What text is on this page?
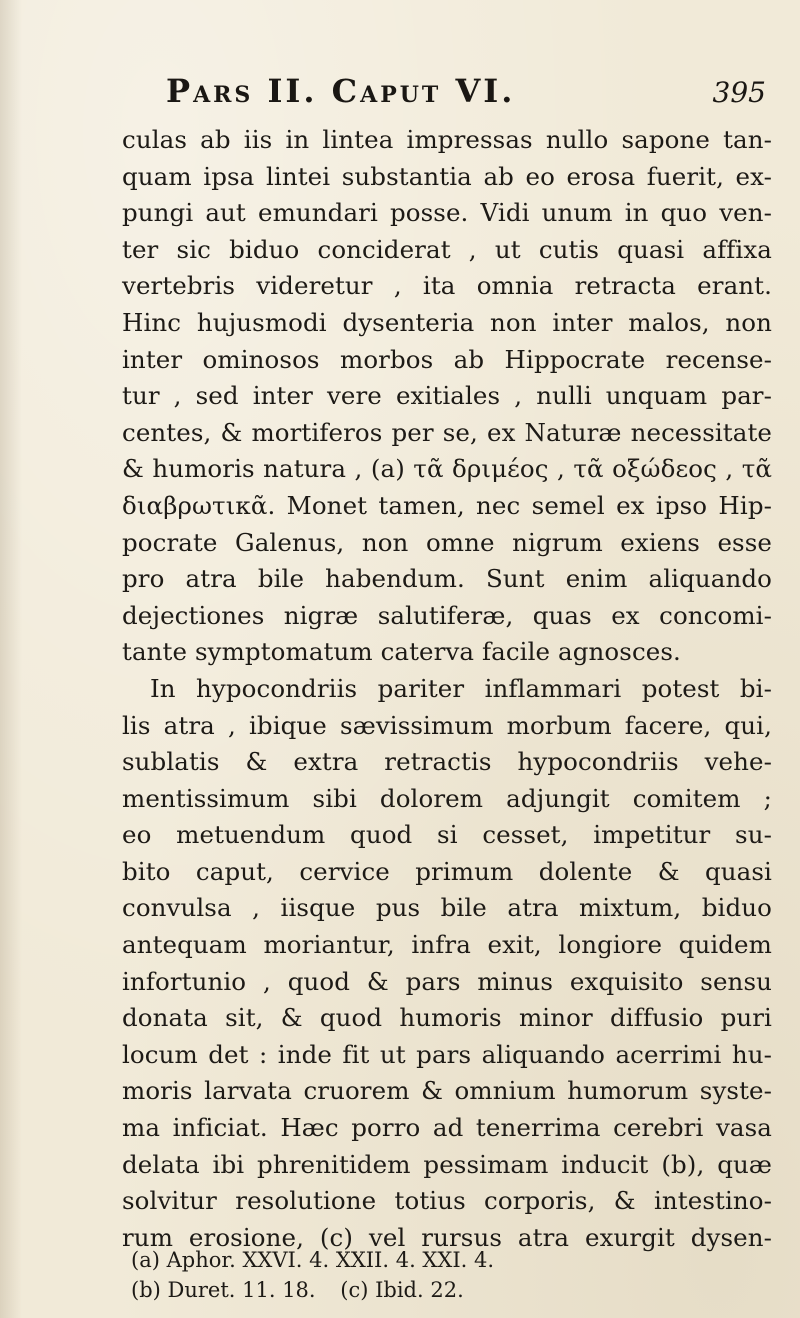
Pars II. Caput VI.	395
culas ab iis in lintea impressas nullo sapone tan-
quam ipsa lintei substantia ab eo erosa fuerit, ex-
pungi aut emundari posse. Vidi unum in quo ven-
ter sic biduo conciderat , ut cutis quasi affixa
vertebris videretur , ita omnia retracta erant.
Hinc hujusmodi dysenteria non inter malos, non
inter ominosos morbos ab Hippocrate recense-
tur , sed inter vere exitiales , nulli unquam par-
centes, & mortiferos per se, ex Naturæ necessitate
& humoris natura , (a) τᾶ δριμέος , τᾶ οξώδεος , τᾶ
διαβρωτικᾶ. Monet tamen, nec semel ex ipso Hip-
pocrate Galenus, non omne nigrum exiens esse
pro atra bile habendum. Sunt enim aliquando
dejectiones nigræ salutiferæ, quas ex concomi-
tante symptomatum caterva facile agnosces.
In hypocondriis pariter inflammari potest bi-
lis atra , ibique sævissimum morbum facere, qui,
sublatis & extra retractis hypocondriis vehe-
mentissimum sibi dolorem adjungit comitem ;
eo metuendum quod si cesset, impetitur su-
bito caput, cervice primum dolente & quasi
convulsa , iisque pus bile atra mixtum, biduo
antequam moriantur, infra exit, longiore quidem
infortunio , quod & pars minus exquisito sensu
donata sit, & quod humoris minor diffusio puri
locum det : inde fit ut pars aliquando acerrimi hu-
moris larvata cruorem & omnium humorum syste-
ma inficiat. Hæc porro ad tenerrima cerebri vasa
delata ibi phrenitidem pessimam inducit (b), quæ
solvitur resolutione totius corporis, & intestino-
rum erosione, (c) vel rursus atra exurgit dysen-
(a) Aphor. XXVI. 4. XXII. 4. XXI. 4.
(b) Duret. 11. 18. (c) Ibid. 22.
